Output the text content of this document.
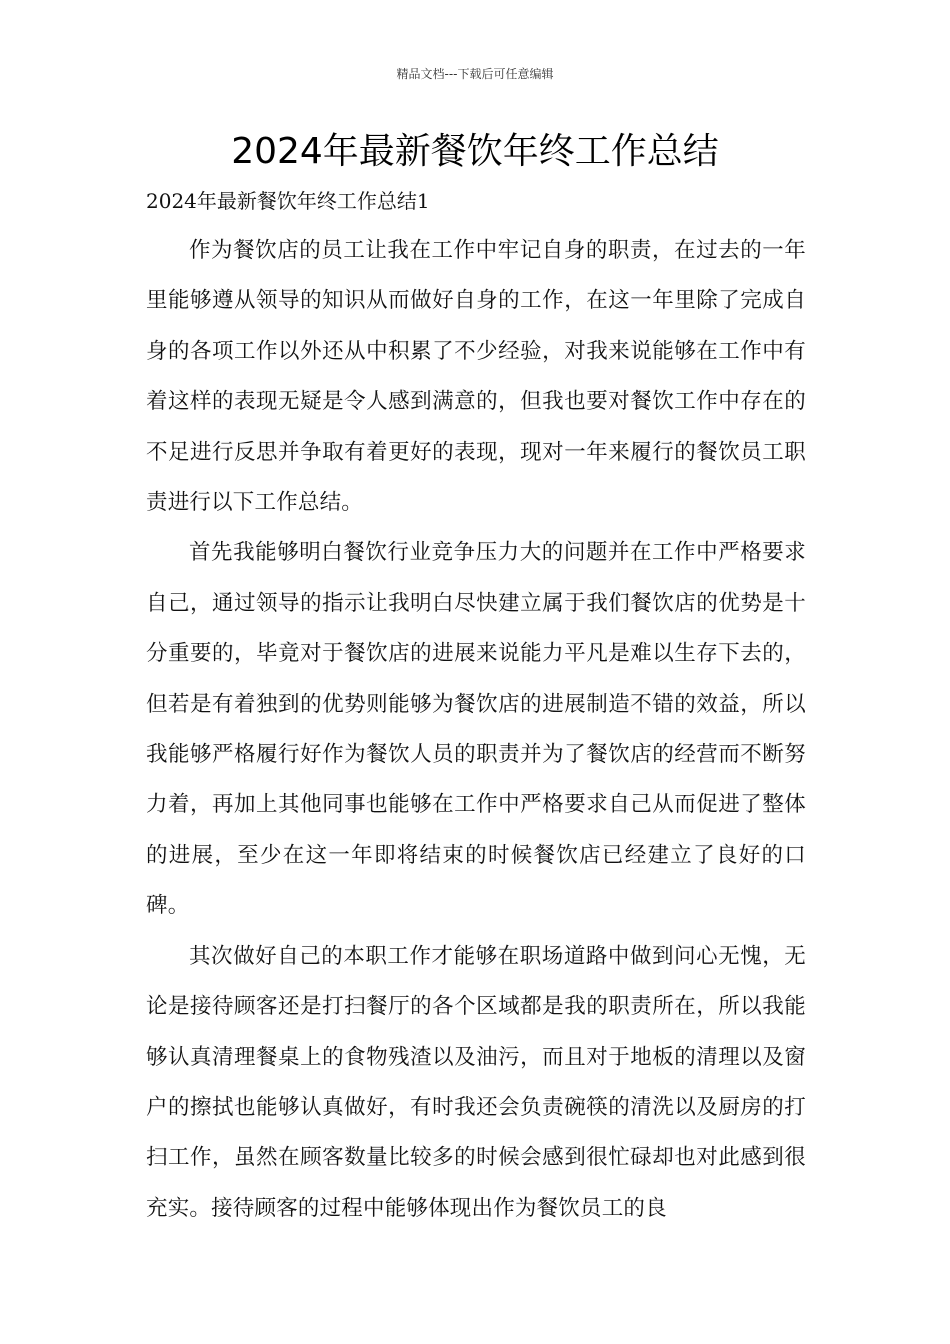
精品文档---下载后可任意编辑
2024年最新餐饮年终工作总结
2024年最新餐饮年终工作总结1

作为餐饮店的员工让我在工作中牢记自身的职责，在过去的一年里能够遵从领导的知识从而做好自身的工作，在这一年里除了完成自身的各项工作以外还从中积累了不少经验，对我来说能够在工作中有着这样的表现无疑是令人感到满意的，但我也要对餐饮工作中存在的不足进行反思并争取有着更好的表现，现对一年来履行的餐饮员工职责进行以下工作总结。

首先我能够明白餐饮行业竞争压力大的问题并在工作中严格要求自己，通过领导的指示让我明白尽快建立属于我们餐饮店的优势是十分重要的，毕竟对于餐饮店的进展来说能力平凡是难以生存下去的，但若是有着独到的优势则能够为餐饮店的进展制造不错的效益，所以我能够严格履行好作为餐饮人员的职责并为了餐饮店的经营而不断努力着，再加上其他同事也能够在工作中严格要求自己从而促进了整体的进展，至少在这一年即将结束的时候餐饮店已经建立了良好的口碑。

其次做好自己的本职工作才能够在职场道路中做到问心无愧，无论是接待顾客还是打扫餐厅的各个区域都是我的职责所在，所以我能够认真清理餐桌上的食物残渣以及油污，而且对于地板的清理以及窗户的擦拭也能够认真做好，有时我还会负责碗筷的清洗以及厨房的打扫工作，虽然在顾客数量比较多的时候会感到很忙碌却也对此感到很充实。接待顾客的过程中能够体现出作为餐饮员工的良
